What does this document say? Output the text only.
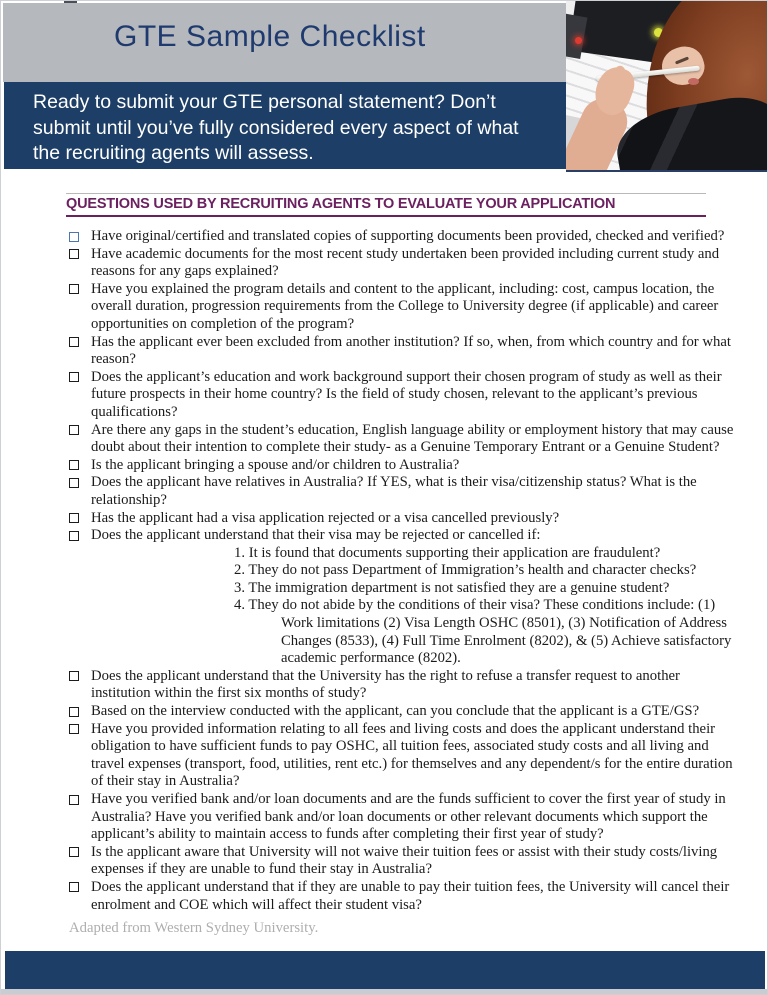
GTE Sample Checklist
Ready to submit your GTE personal statement? Don’t submit until you’ve fully considered every aspect of what the recruiting agents will assess.
QUESTIONS USED BY RECRUITING AGENTS TO EVALUATE YOUR APPLICATION
Have original/certified and translated copies of supporting documents been provided, checked and verified?
Have academic documents for the most recent study undertaken been provided including current study and reasons for any gaps explained?
Have you explained the program details and content to the applicant, including: cost, campus location, the overall duration, progression requirements from the College to University degree (if applicable) and career opportunities on completion of the program?
Has the applicant ever been excluded from another institution? If so, when, from which country and for what reason?
Does the applicant’s education and work background support their chosen program of study as well as their future prospects in their home country? Is the field of study chosen, relevant to the applicant’s previous qualifications?
Are there any gaps in the student’s education, English language ability or employment history that may cause doubt about their intention to complete their study- as a Genuine Temporary Entrant or a Genuine Student?
Is the applicant bringing a spouse and/or children to Australia?
Does the applicant have relatives in Australia? If YES, what is their visa/citizenship status? What is the relationship?
Has the applicant had a visa application rejected or a visa cancelled previously?
Does the applicant understand that their visa may be rejected or cancelled if:
1. It is found that documents supporting their application are fraudulent?
2. They do not pass Department of Immigration’s health and character checks?
3. The immigration department is not satisfied they are a genuine student?
4. They do not abide by the conditions of their visa? These conditions include: (1) Work limitations (2) Visa Length OSHC (8501), (3) Notification of Address Changes (8533), (4) Full Time Enrolment (8202), & (5) Achieve satisfactory academic performance (8202).
Does the applicant understand that the University has the right to refuse a transfer request to another institution within the first six months of study?
Based on the interview conducted with the applicant, can you conclude that the applicant is a GTE/GS?
Have you provided information relating to all fees and living costs and does the applicant understand their obligation to have sufficient funds to pay OSHC, all tuition fees, associated study costs and all living and travel expenses (transport, food, utilities, rent etc.) for themselves and any dependent/s for the entire duration of their stay in Australia?
Have you verified bank and/or loan documents and are the funds sufficient to cover the first year of study in Australia? Have you verified bank and/or loan documents or other relevant documents which support the applicant’s ability to maintain access to funds after completing their first year of study?
Is the applicant aware that University will not waive their tuition fees or assist with their study costs/living expenses if they are unable to fund their stay in Australia?
Does the applicant understand that if they are unable to pay their tuition fees, the University will cancel their enrolment and COE which will affect their student visa?
Adapted from Western Sydney University.
